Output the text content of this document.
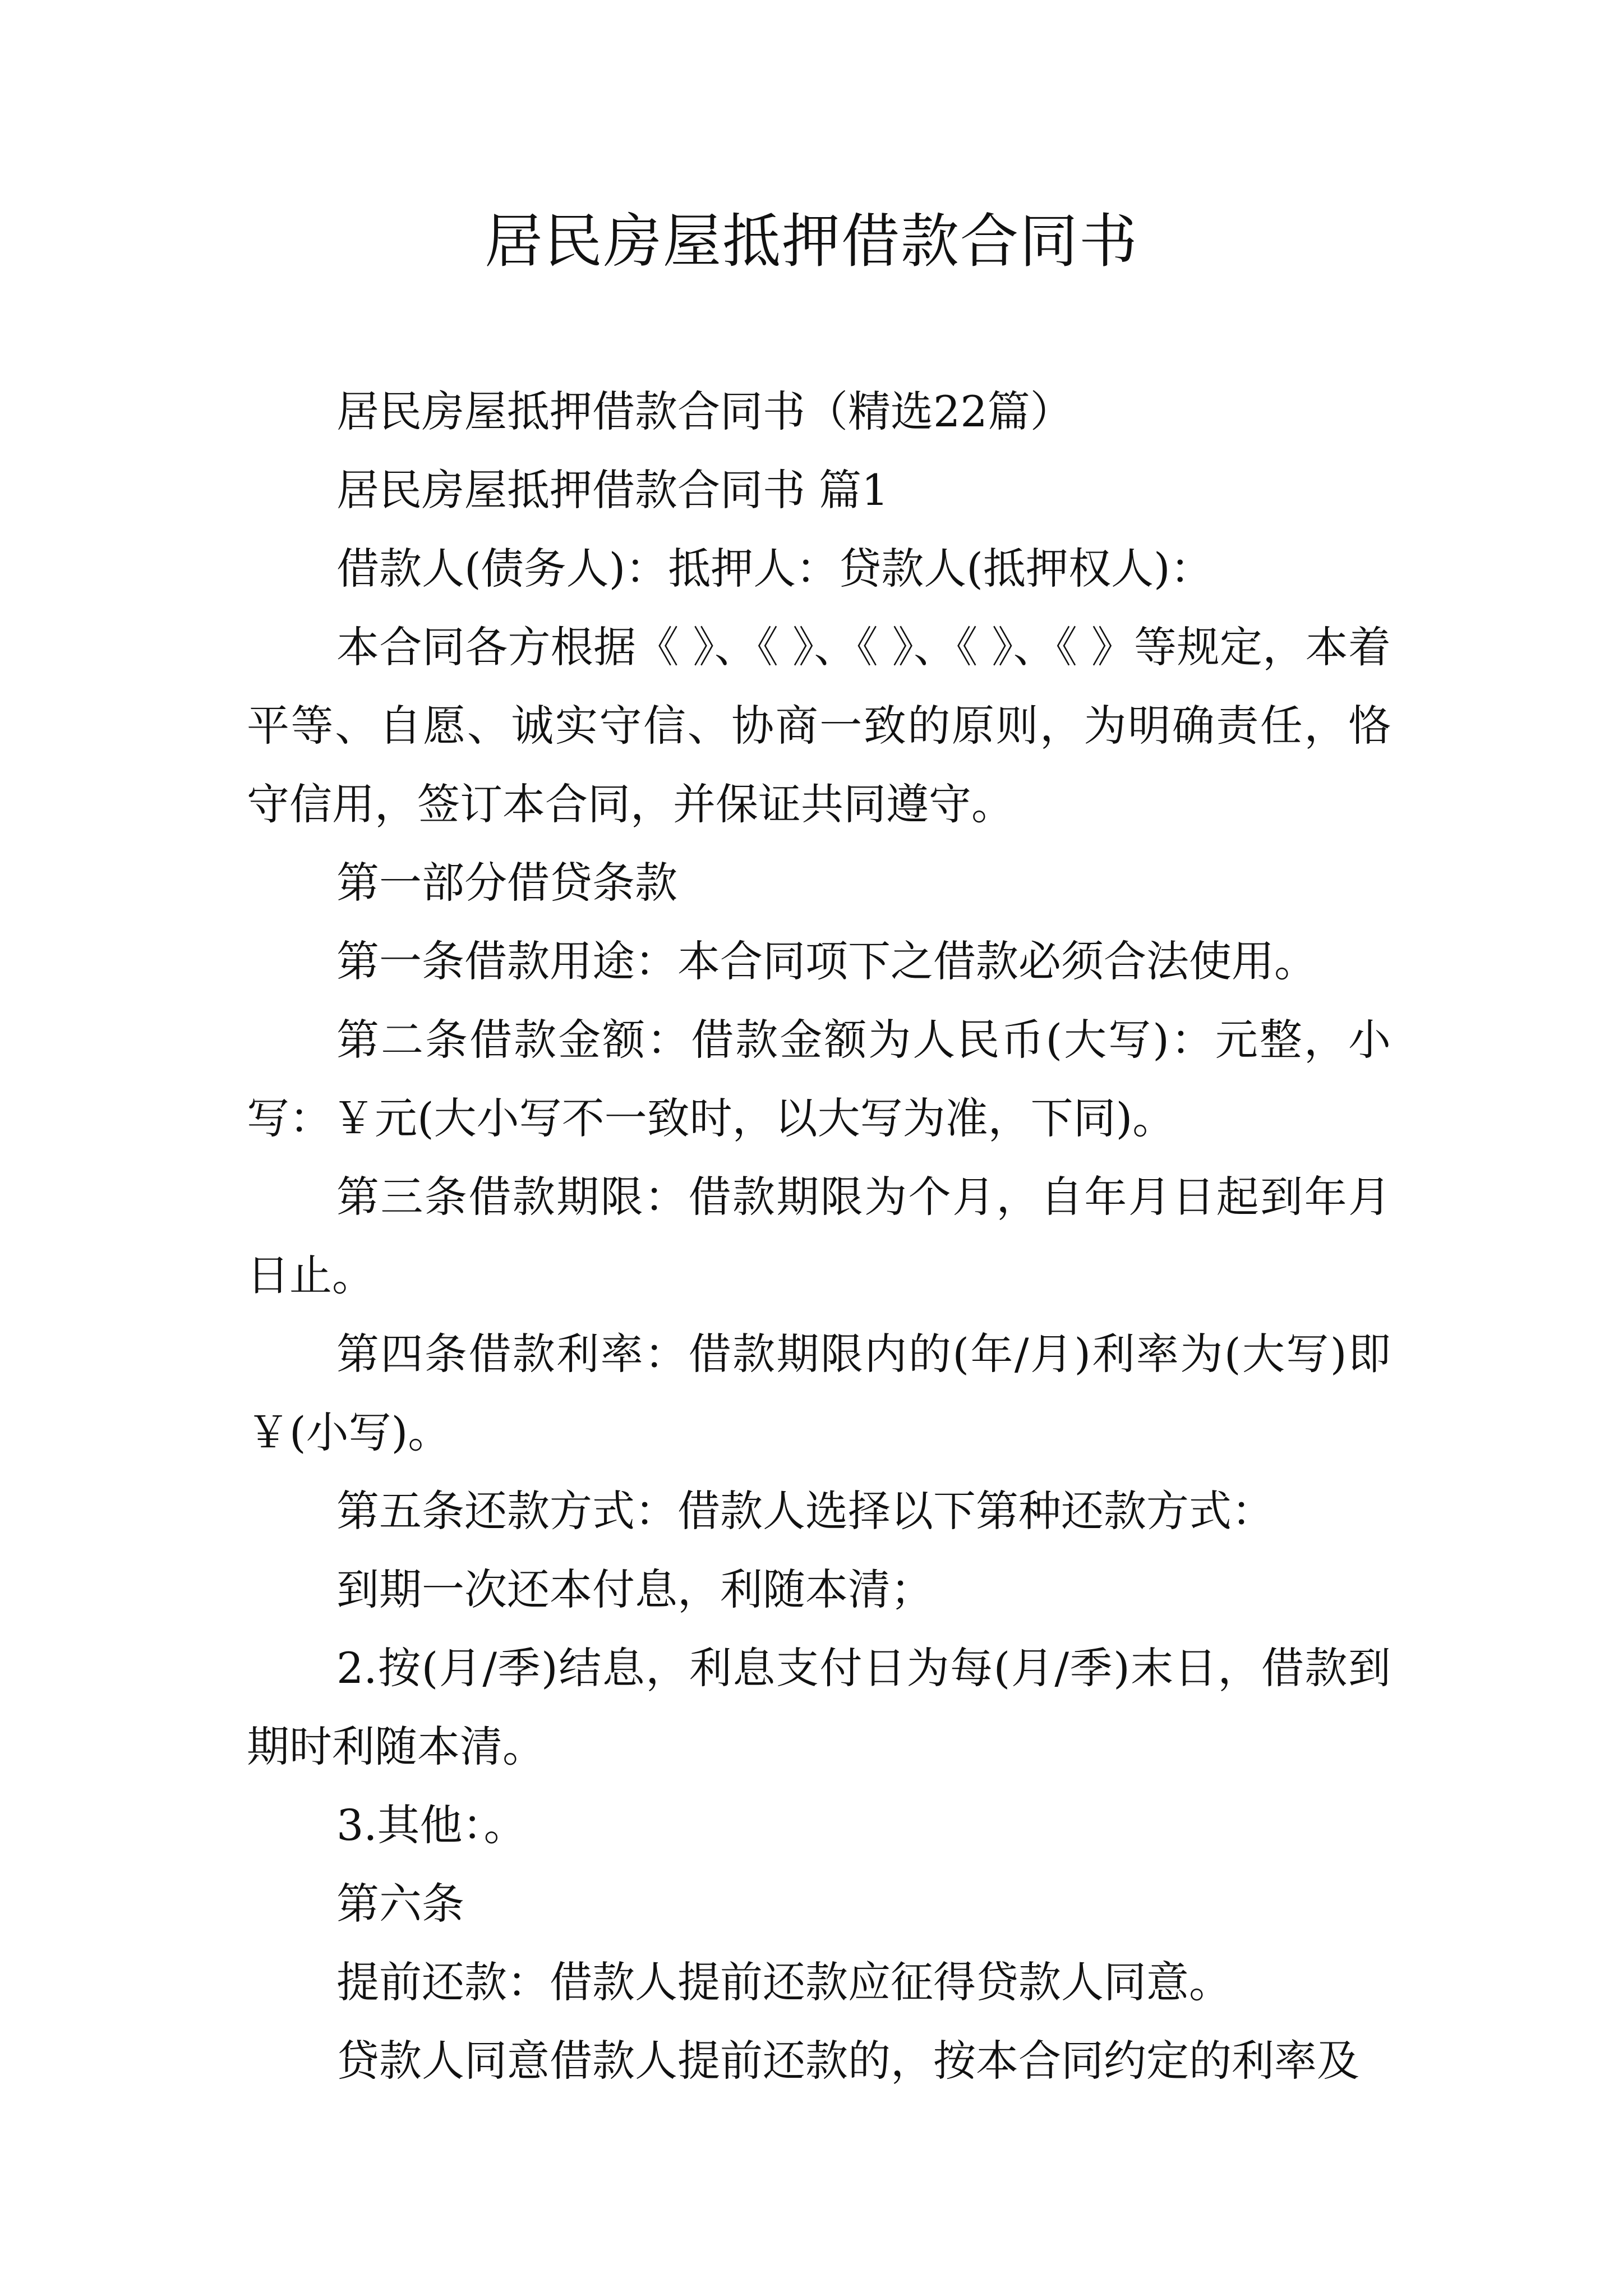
居民房屋抵押借款合同书

居民房屋抵押借款合同书（精选22篇）

居民房屋抵押借款合同书 篇1

借款人(债务人)：抵押人：贷款人(抵押权人)：

本合同各方根据《 》、《 》、《 》、《 》、《 》等规定，本着平等、自愿、诚实守信、协商一致的原则，为明确责任，恪守信用，签订本合同，并保证共同遵守。

第一部分借贷条款

第一条借款用途：本合同项下之借款必须合法使用。

第二条借款金额：借款金额为人民币(大写)：元整，小写：￥元(大小写不一致时，以大写为准，下同)。

第三条借款期限：借款期限为个月，自年月日起到年月日止。

第四条借款利率：借款期限内的(年/月)利率为(大写)即￥(小写)。

第五条还款方式：借款人选择以下第种还款方式：

到期一次还本付息，利随本清；

2.按(月/季)结息，利息支付日为每(月/季)末日，借款到期时利随本清。

3.其他：。

第六条

提前还款：借款人提前还款应征得贷款人同意。

贷款人同意借款人提前还款的，按本合同约定的利率及
